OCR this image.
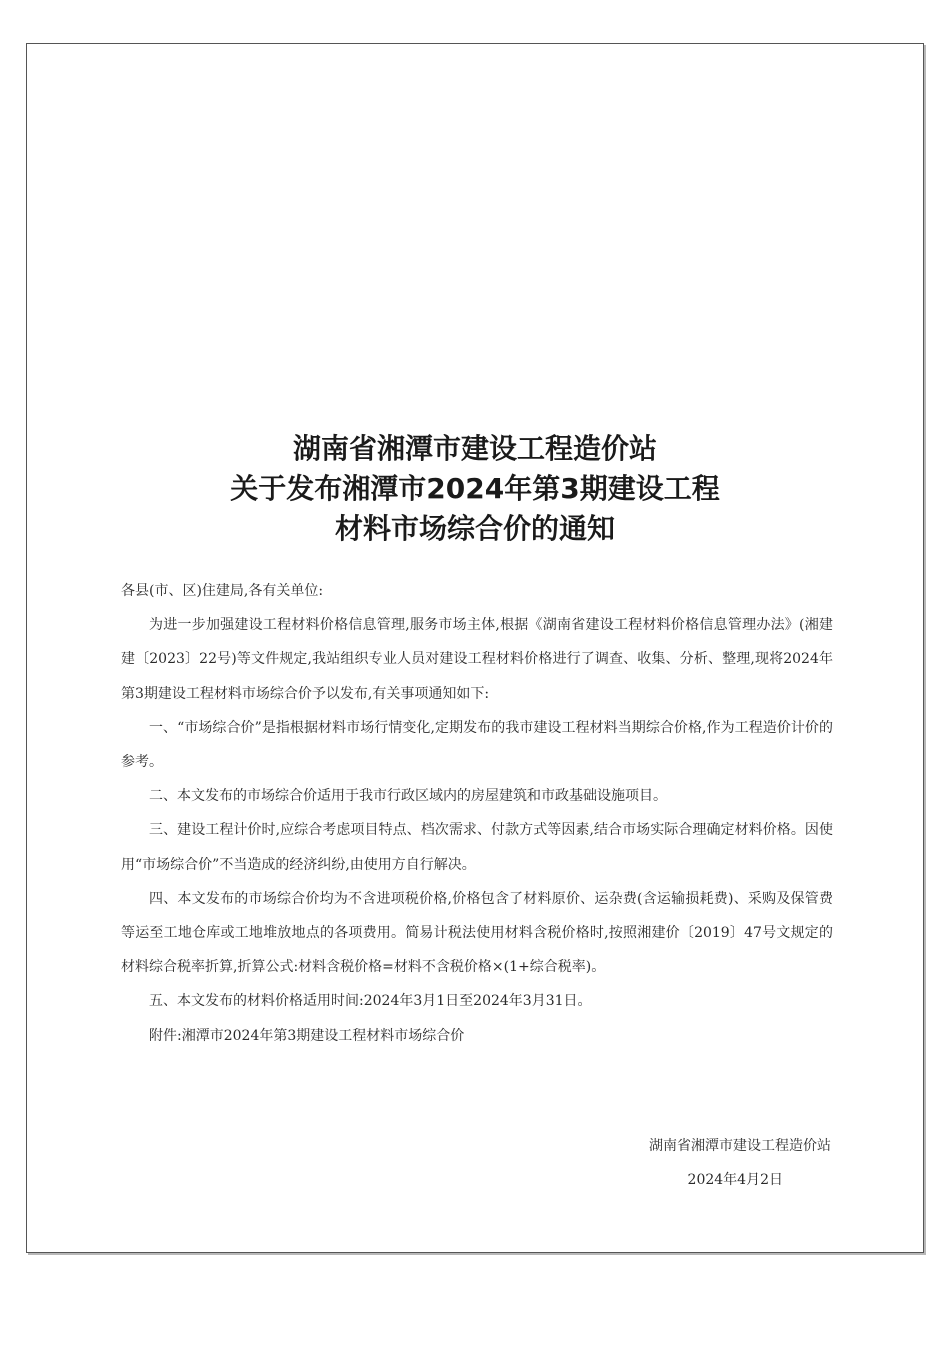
湖南省湘潭市建设工程造价站
关于发布湘潭市2024年第3期建设工程
材料市场综合价的通知

各县(市、区)住建局,各有关单位:

为进一步加强建设工程材料价格信息管理,服务市场主体,根据《湖南省建设工程材料价格信息管理办法》(湘建建〔2023〕22号)等文件规定,我站组织专业人员对建设工程材料价格进行了调查、收集、分析、整理,现将2024年第3期建设工程材料市场综合价予以发布,有关事项通知如下:

一、“市场综合价”是指根据材料市场行情变化,定期发布的我市建设工程材料当期综合价格,作为工程造价计价的参考。

二、本文发布的市场综合价适用于我市行政区域内的房屋建筑和市政基础设施项目。

三、建设工程计价时,应综合考虑项目特点、档次需求、付款方式等因素,结合市场实际合理确定材料价格。因使用“市场综合价”不当造成的经济纠纷,由使用方自行解决。

四、本文发布的市场综合价均为不含进项税价格,价格包含了材料原价、运杂费(含运输损耗费)、采购及保管费等运至工地仓库或工地堆放地点的各项费用。简易计税法使用材料含税价格时,按照湘建价〔2019〕47号文规定的材料综合税率折算,折算公式:材料含税价格=材料不含税价格×(1+综合税率)。

五、本文发布的材料价格适用时间:2024年3月1日至2024年3月31日。

附件:湘潭市2024年第3期建设工程材料市场综合价

湖南省湘潭市建设工程造价站
2024年4月2日
